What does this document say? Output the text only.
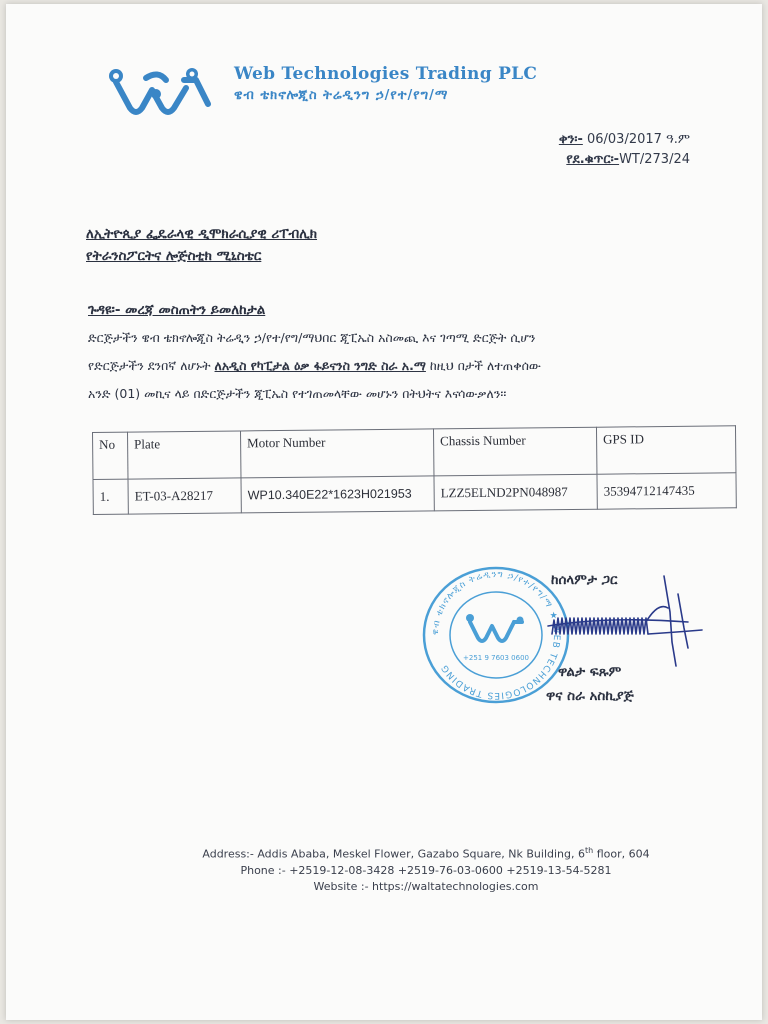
Web Technologies Trading PLC
ዌብ ቴክኖሎጂስ ትሬዲንግ ኃ/የተ/የግ/ማ
ቀን፡- 06/03/2017 ዓ.ም
የደ.ቁጥር፡-WT/273/24
ለኢትዮጲያ ፌዴራላዊ ዲሞክራሲያዊ ሪፐብሊክ
የትራንስፖርትና ሎጅስቲክ ሚኒስቴር
ጉዳዩ፡- መረጃ መስጠትን ይመለከታል
ድርጅታችን ዌብ ቴክኖሎጂስ ትሬዲን ኃ/የተ/የግ/ማህበር ጂፒኤስ አስመጪ እና ገጣሚ ድርጅት ሲሆን
የድርጅታችን ደንበኛ ለሆኑት ለአዲስ የካፒታል ዕቃ ፋይናንስ ንግድ ስራ አ.ማ ከዚህ በታች ለተጠቀሰው
አንድ (01) መኪና ላይ በድርጅታችን ጂፒኤስ የተገጠመላቸው መሆኑን በትህትና እናሳውቃለን፡፡
No	Plate	Motor Number	Chassis Number	GPS ID
1.	ET-03-A28217	WP10.340E22*1623H021953	LZZ5ELND2PN048987	35394712147435
ዌብ ቴክኖሎጂስ ትሬዲንግ ኃ/የተ/የግ/ማ ★ WEB TECHNOLOGIES TRADING
+251 9 7603 0600
ከሰላምታ ጋር
ዋልታ ፍጹም
ዋና ስራ አስኪያጅ
Address:- Addis Ababa, Meskel Flower, Gazabo Square, Nk Building, 6th floor, 604
Phone :- +2519-12-08-3428 +2519-76-03-0600 +2519-13-54-5281
Website :- https://waltatechnologies.com
